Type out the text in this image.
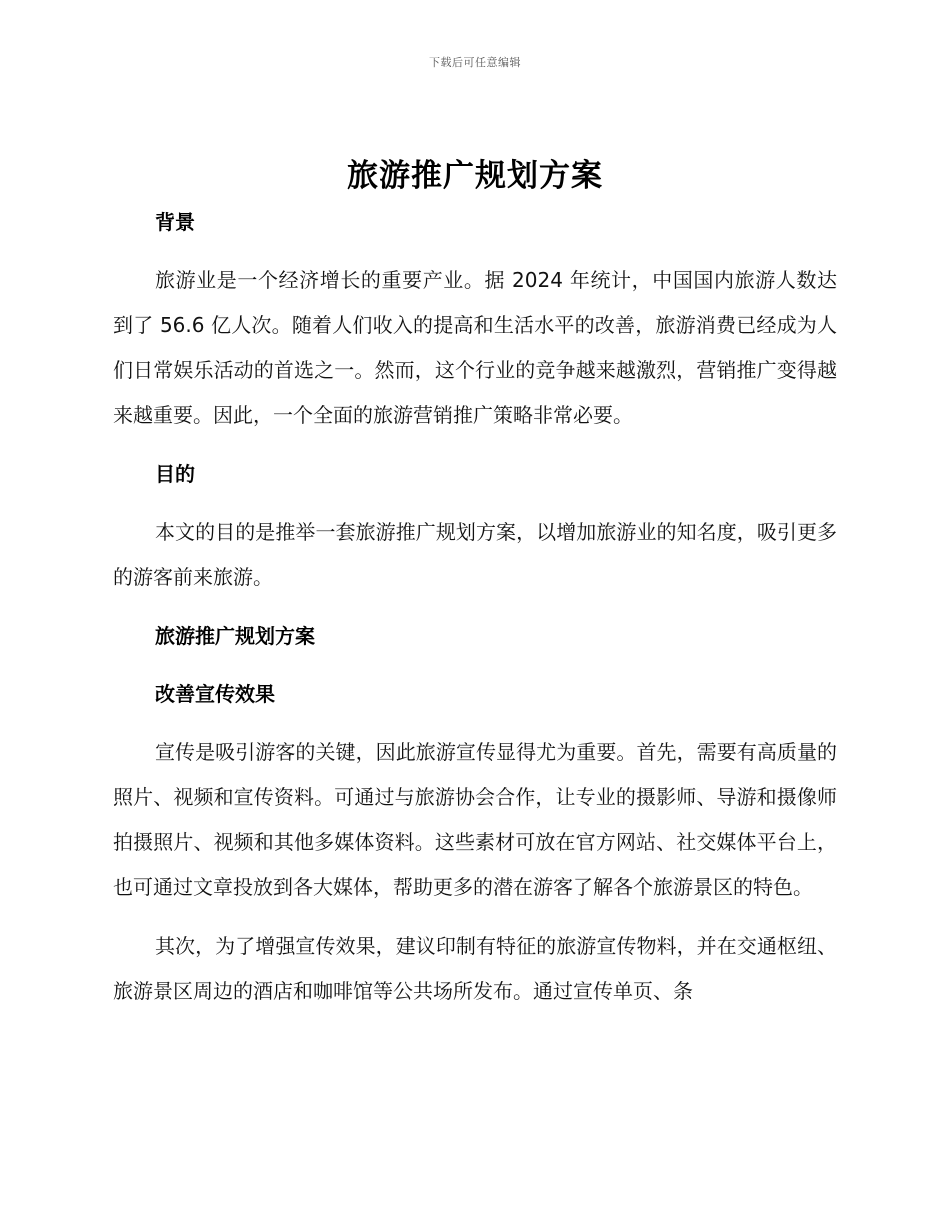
下载后可任意编辑
旅游推广规划方案
背景
旅游业是一个经济增长的重要产业。据 2024 年统计，中国国内旅游人数达到了 56.6 亿人次。随着人们收入的提高和生活水平的改善，旅游消费已经成为人们日常娱乐活动的首选之一。然而，这个行业的竞争越来越激烈，营销推广变得越来越重要。因此，一个全面的旅游营销推广策略非常必要。
目的
本文的目的是推举一套旅游推广规划方案，以增加旅游业的知名度，吸引更多的游客前来旅游。
旅游推广规划方案
改善宣传效果
宣传是吸引游客的关键，因此旅游宣传显得尤为重要。首先，需要有高质量的照片、视频和宣传资料。可通过与旅游协会合作，让专业的摄影师、导游和摄像师拍摄照片、视频和其他多媒体资料。这些素材可放在官方网站、社交媒体平台上，也可通过文章投放到各大媒体，帮助更多的潜在游客了解各个旅游景区的特色。
其次，为了增强宣传效果，建议印制有特征的旅游宣传物料，并在交通枢纽、旅游景区周边的酒店和咖啡馆等公共场所发布。通过宣传单页、条
